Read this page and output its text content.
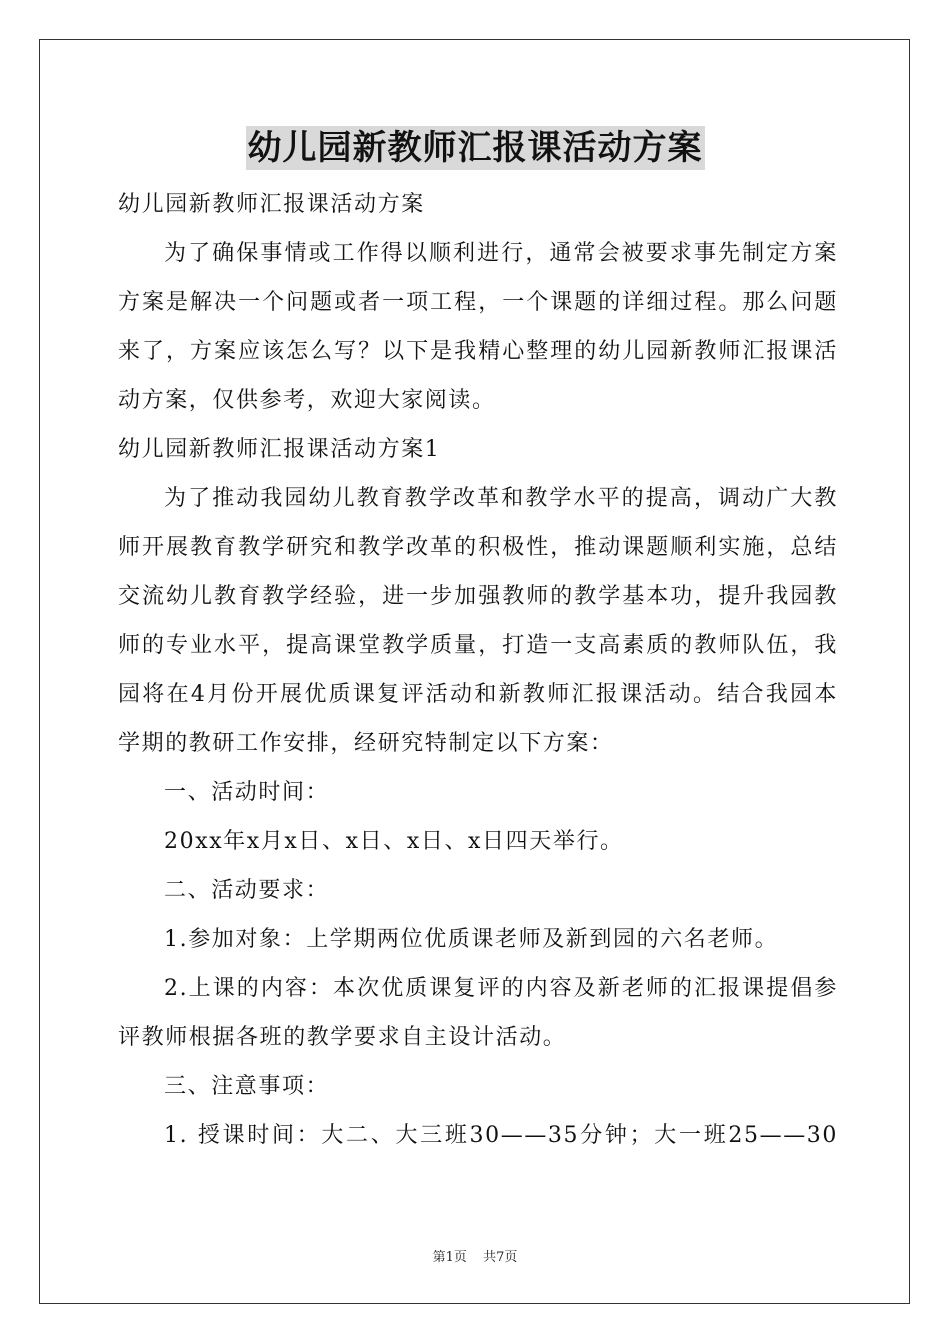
幼儿园新教师汇报课活动方案
幼儿园新教师汇报课活动方案
为了确保事情或工作得以顺利进行，通常会被要求事先制定方案
方案是解决一个问题或者一项工程，一个课题的详细过程。那么问题
来了，方案应该怎么写？以下是我精心整理的幼儿园新教师汇报课活
动方案，仅供参考，欢迎大家阅读。
幼儿园新教师汇报课活动方案1
为了推动我园幼儿教育教学改革和教学水平的提高，调动广大教
师开展教育教学研究和教学改革的积极性，推动课题顺利实施，总结
交流幼儿教育教学经验，进一步加强教师的教学基本功，提升我园教
师的专业水平，提高课堂教学质量，打造一支高素质的教师队伍，我
园将在4月份开展优质课复评活动和新教师汇报课活动。结合我园本
学期的教研工作安排，经研究特制定以下方案：
一、活动时间：
20xx年x月x日、x日、x日、x日四天举行。
二、活动要求：
1.参加对象：上学期两位优质课老师及新到园的六名老师。
2.上课的内容：本次优质课复评的内容及新老师的汇报课提倡参
评教师根据各班的教学要求自主设计活动。
三、注意事项：
1. 授课时间：大二、大三班30——35分钟；大一班25——30
第1页 共7页
